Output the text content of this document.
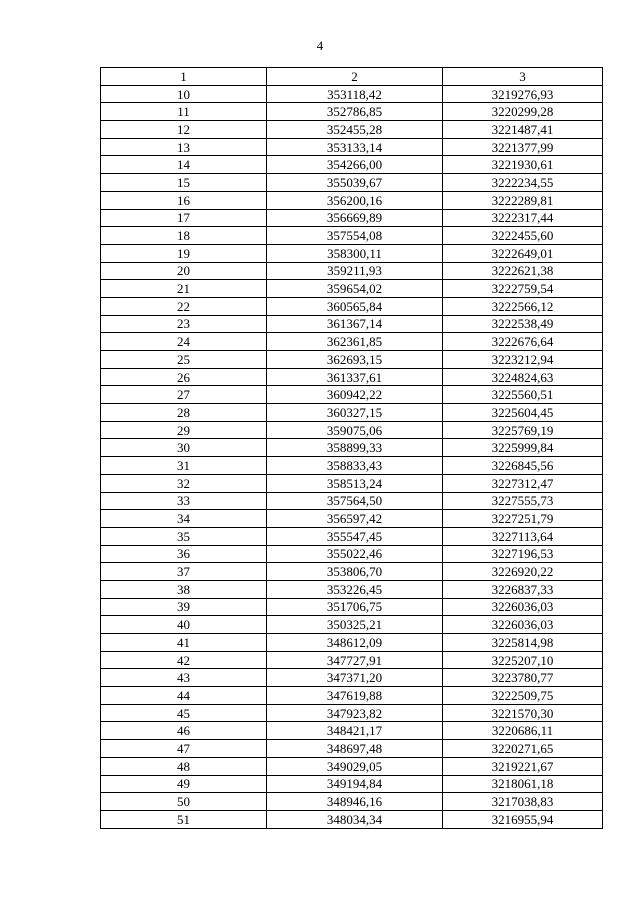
4
1	2	3
10	353118,42	3219276,93
11	352786,85	3220299,28
12	352455,28	3221487,41
13	353133,14	3221377,99
14	354266,00	3221930,61
15	355039,67	3222234,55
16	356200,16	3222289,81
17	356669,89	3222317,44
18	357554,08	3222455,60
19	358300,11	3222649,01
20	359211,93	3222621,38
21	359654,02	3222759,54
22	360565,84	3222566,12
23	361367,14	3222538,49
24	362361,85	3222676,64
25	362693,15	3223212,94
26	361337,61	3224824,63
27	360942,22	3225560,51
28	360327,15	3225604,45
29	359075,06	3225769,19
30	358899,33	3225999,84
31	358833,43	3226845,56
32	358513,24	3227312,47
33	357564,50	3227555,73
34	356597,42	3227251,79
35	355547,45	3227113,64
36	355022,46	3227196,53
37	353806,70	3226920,22
38	353226,45	3226837,33
39	351706,75	3226036,03
40	350325,21	3226036,03
41	348612,09	3225814,98
42	347727,91	3225207,10
43	347371,20	3223780,77
44	347619,88	3222509,75
45	347923,82	3221570,30
46	348421,17	3220686,11
47	348697,48	3220271,65
48	349029,05	3219221,67
49	349194,84	3218061,18
50	348946,16	3217038,83
51	348034,34	3216955,94
